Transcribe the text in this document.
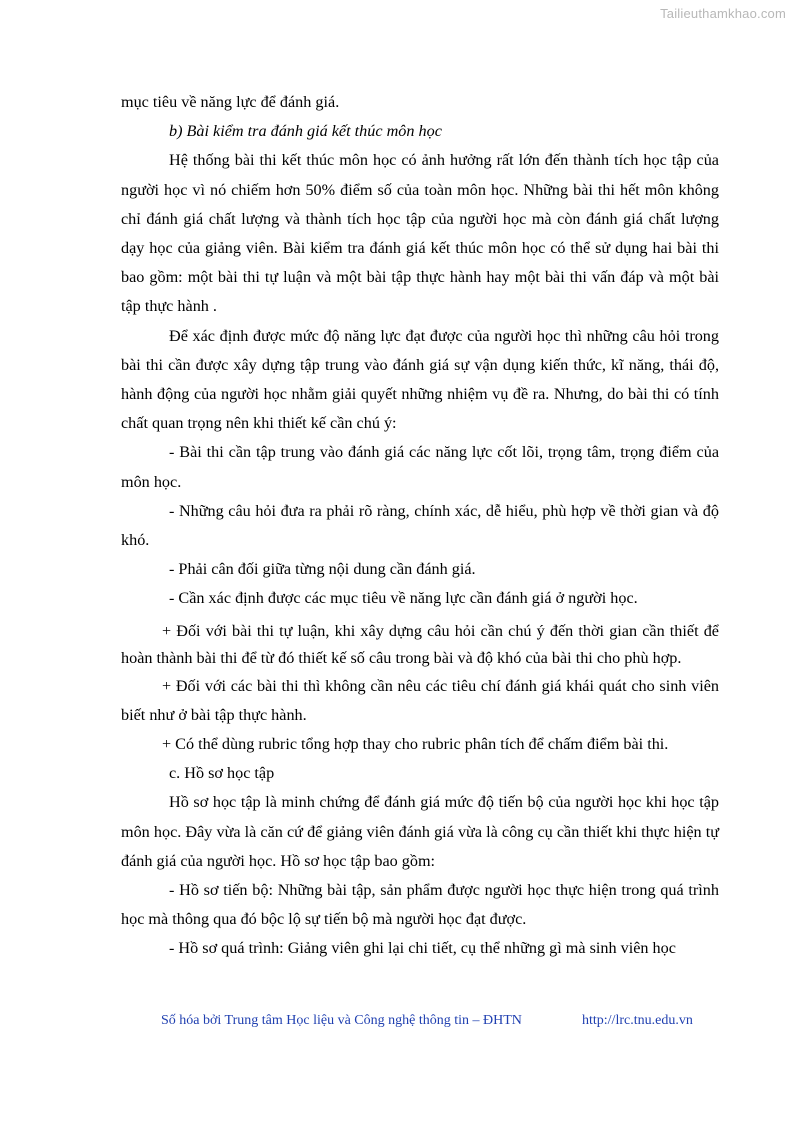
Tailieuthamkhao.com

mục tiêu về năng lực để đánh giá.

b) Bài kiểm tra đánh giá kết thúc môn học

Hệ thống bài thi kết thúc môn học có ảnh hưởng rất lớn đến thành tích học tập của người học vì nó chiếm hơn 50% điểm số của toàn môn học. Những bài thi hết môn không chỉ đánh giá chất lượng và thành tích học tập của người học mà còn đánh giá chất lượng dạy học của giảng viên. Bài kiểm tra đánh giá kết thúc môn học có thể sử dụng hai bài thi bao gồm: một bài thi tự luận và một bài tập thực hành hay một bài thi vấn đáp và một bài tập thực hành .

Để xác định được mức độ năng lực đạt được của người học thì những câu hỏi trong bài thi cần được xây dựng tập trung vào đánh giá sự vận dụng kiến thức, kĩ năng, thái độ, hành động của người học nhằm giải quyết những nhiệm vụ đề ra. Nhưng, do bài thi có tính chất quan trọng nên khi thiết kế cần chú ý:

- Bài thi cần tập trung vào đánh giá các năng lực cốt lõi, trọng tâm, trọng điểm của môn học.

- Những câu hỏi đưa ra phải rõ ràng, chính xác, dễ hiểu, phù hợp về thời gian và độ khó.

- Phải cân đối giữa từng nội dung cần đánh giá.

- Cần xác định được các mục tiêu về năng lực cần đánh giá ở người học.

+ Đối với bài thi tự luận, khi xây dựng câu hỏi cần chú ý đến thời gian cần thiết để hoàn thành bài thi để từ đó thiết kế số câu trong bài và độ khó của bài thi cho phù hợp.

+ Đối với các bài thi thì không cần nêu các tiêu chí đánh giá khái quát cho sinh viên biết như ở bài tập thực hành.

+ Có thể dùng rubric tổng hợp thay cho rubric phân tích để chấm điểm bài thi.

c. Hồ sơ học tập

Hồ sơ học tập là minh chứng để đánh giá mức độ tiến bộ của người học khi học tập môn học. Đây vừa là căn cứ để giảng viên đánh giá vừa là công cụ cần thiết khi thực hiện tự đánh giá của người học. Hồ sơ học tập bao gồm:

- Hồ sơ tiến bộ: Những bài tập, sản phẩm được người học thực hiện trong quá trình học mà thông qua đó bộc lộ sự tiến bộ mà người học đạt được.

- Hồ sơ quá trình: Giảng viên ghi lại chi tiết, cụ thể những gì mà sinh viên học

Số hóa bởi Trung tâm Học liệu và Công nghệ thông tin – ĐHTN	http://lrc.tnu.edu.vn
